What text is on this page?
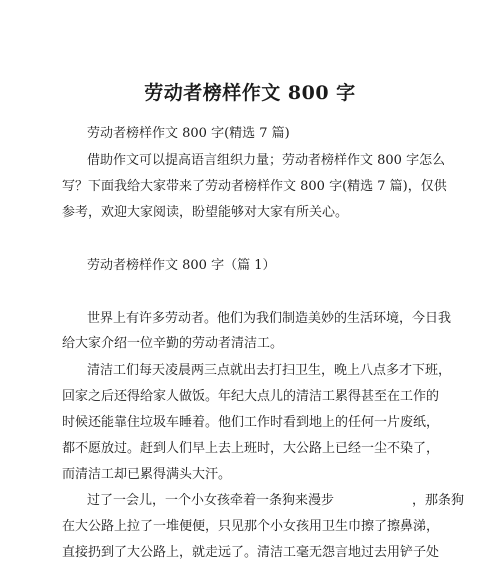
劳动者榜样作文 800 字

劳动者榜样作文 800 字(精选 7 篇)

借助作文可以提高语言组织力量；劳动者榜样作文 800 字怎么

写？下面我给大家带来了劳动者榜样作文 800 字(精选 7 篇)，仅供

参考，欢迎大家阅读，盼望能够对大家有所关心。

劳动者榜样作文 800 字（篇 1）

世界上有许多劳动者。他们为我们制造美妙的生活环境，今日我

给大家介绍一位辛勤的劳动者清洁工。

清洁工们每天凌晨两三点就出去打扫卫生，晚上八点多才下班，

回家之后还得给家人做饭。年纪大点儿的清洁工累得甚至在工作的

时候还能靠住垃圾车睡着。他们工作时看到地上的任何一片废纸，

都不愿放过。赶到人们早上去上班时，大公路上已经一尘不染了，

而清洁工却已累得满头大汗。

过了一会儿，一个小女孩牵着一条狗来漫步	，那条狗

在大公路上拉了一堆便便，只见那个小女孩用卫生巾擦了擦鼻涕，

直接扔到了大公路上，就走远了。清洁工毫无怨言地过去用铲子处
